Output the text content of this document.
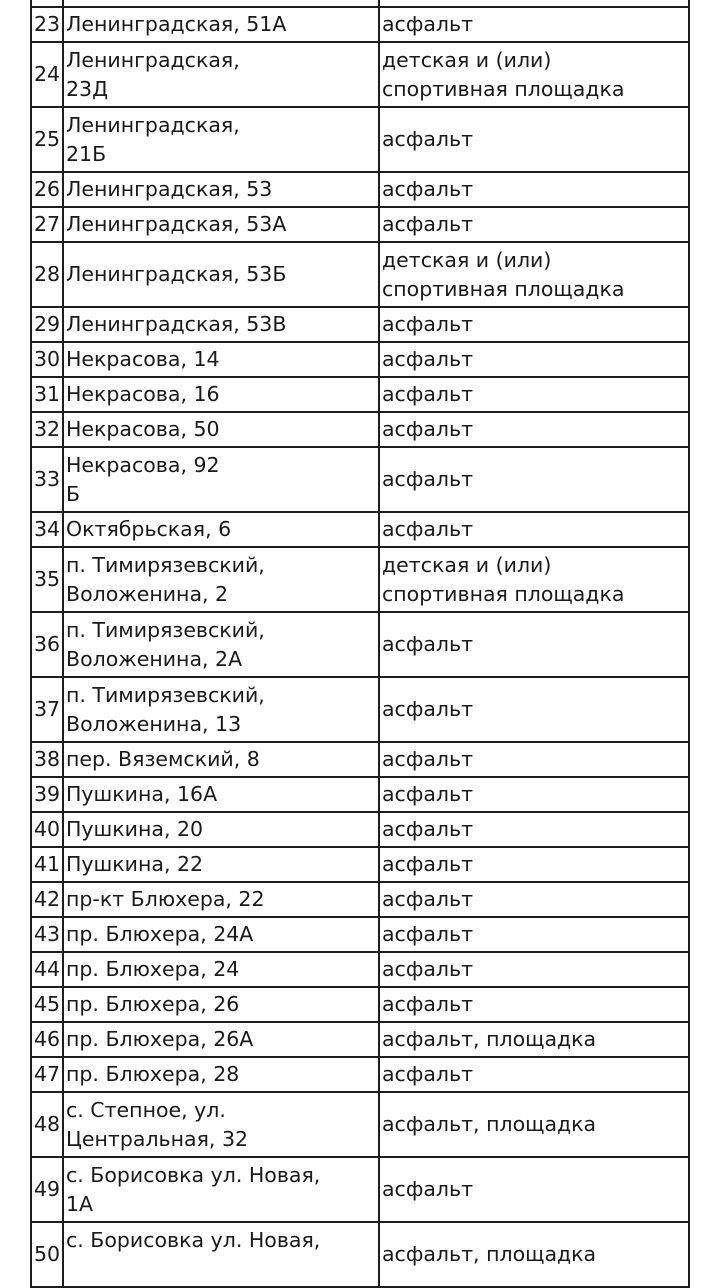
23	Ленинградская, 51А	асфальт

24	Ленинградская,
23Д	детская и (или)
спортивная площадка

25	Ленинградская,
21Б	асфальт

26	Ленинградская, 53	асфальт

27	Ленинградская, 53А	асфальт

28	Ленинградская, 53Б	детская и (или)
спортивная площадка

29	Ленинградская, 53В	асфальт

30	Некрасова, 14	асфальт

31	Некрасова, 16	асфальт

32	Некрасова, 50	асфальт

33	Некрасова, 92
Б	асфальт

34	Октябрьская, 6	асфальт

35	п. Тимирязевский,
Воложенина, 2	детская и (или)
спортивная площадка

36	п. Тимирязевский,
Воложенина, 2А	асфальт

37	п. Тимирязевский,
Воложенина, 13	асфальт

38	пер. Вяземский, 8	асфальт

39	Пушкина, 16А	асфальт

40	Пушкина, 20	асфальт

41	Пушкина, 22	асфальт

42	пр-кт Блюхера, 22	асфальт

43	пр. Блюхера, 24А	асфальт

44	пр. Блюхера, 24	асфальт

45	пр. Блюхера, 26	асфальт

46	пр. Блюхера, 26А	асфальт, площадка

47	пр. Блюхера, 28	асфальт

48	с. Степное, ул.
Центральная, 32	асфальт, площадка

49	с. Борисовка ул. Новая,
1А	асфальт

50	с. Борисовка ул. Новая,	асфальт, площадка
